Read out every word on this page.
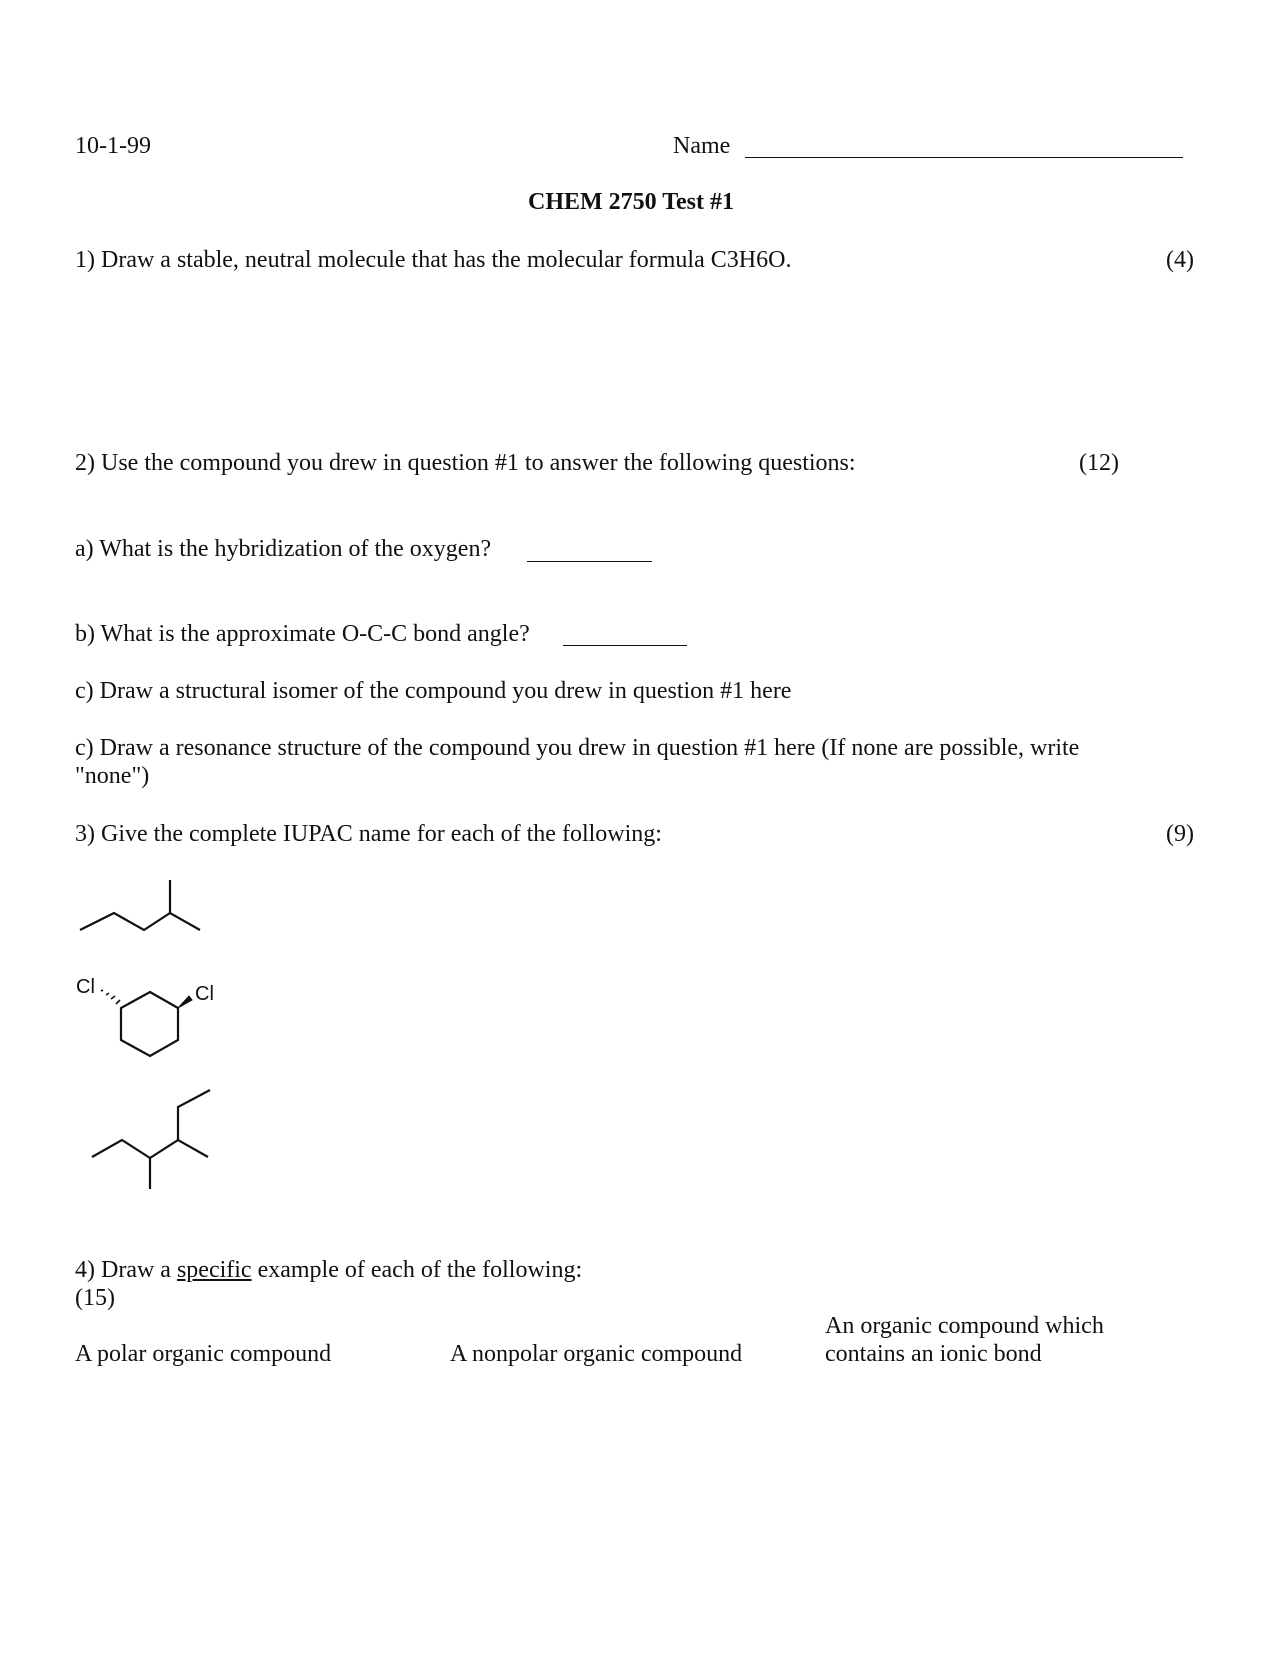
10-1-99	Name
CHEM 2750 Test #1
1) Draw a stable, neutral molecule that has the molecular formula C3H6O.	(4)
2) Use the compound you drew in question #1 to answer the following questions:	(12)
a) What is the hybridization of the oxygen?
b) What is the approximate O-C-C bond angle?
c) Draw a structural isomer of the compound you drew in question #1 here
c) Draw a resonance structure of the compound you drew in question #1 here (If none are possible, write
"none")
3) Give the complete IUPAC name for each of the following:	(9)
Cl	Cl
4) Draw a specific example of each of the following:
(15)
A polar organic compound	A nonpolar organic compound
An organic compound which
contains an ionic bond
